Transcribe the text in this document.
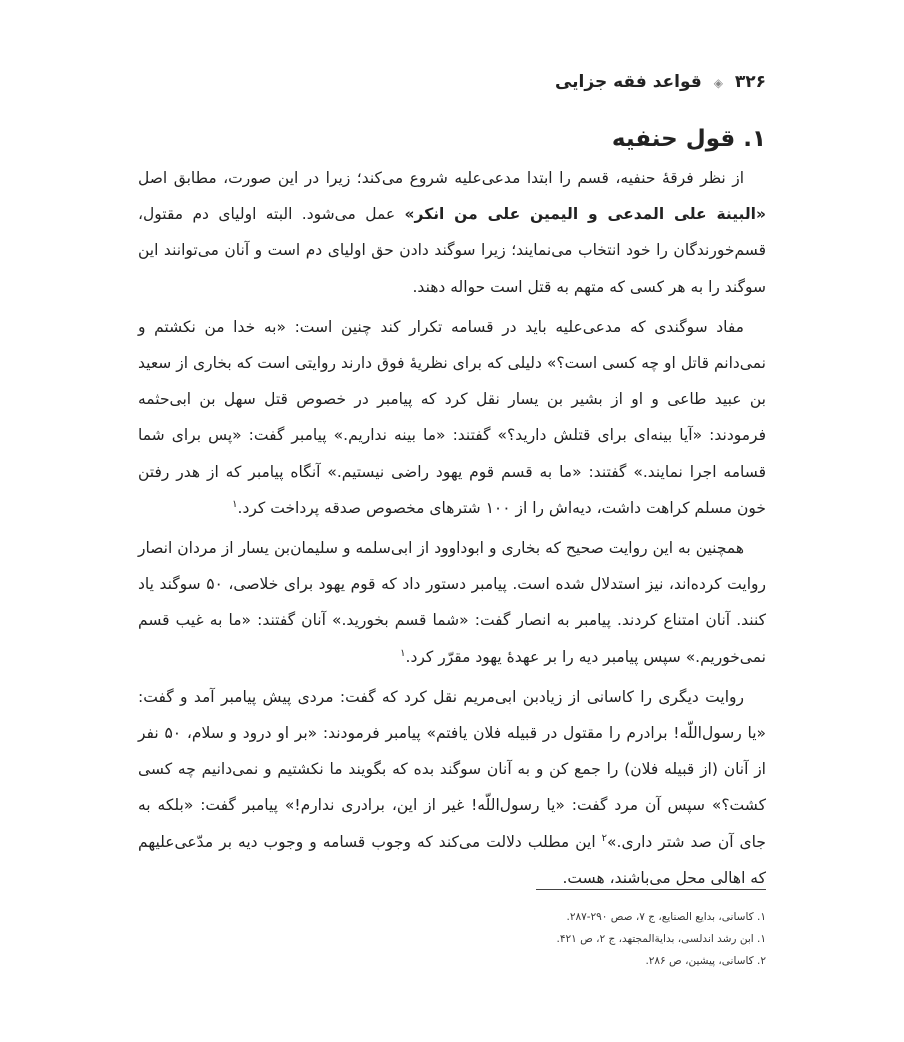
۳۲۶ ◈ قواعد فقه جزایی
۱. قول حنفیه

از نظر فرقهٔ حنفیه، قسم را ابتدا مدعی‌علیه شروع می‌کند؛ زیرا در این صورت، مطابق اصل «البینة علی المدعی و الیمین علی من انکر» عمل می‌شود. البته اولیای دم مقتول، قسم‌خورندگان را خود انتخاب می‌نمایند؛ زیرا سوگند دادن حق اولیای دم است و آنان می‌توانند این سوگند را به هر کسی که متهم به قتل است حواله دهند.

مفاد سوگندی که مدعی‌علیه باید در قسامه تکرار کند چنین است: «به خدا من نکشتم و نمی‌دانم قاتل او چه کسی است؟» دلیلی که برای نظریهٔ فوق دارند روایتی است که بخاری از سعید بن عبید طاعی و او از بشیر بن یسار نقل کرد که پیامبر در خصوص قتل سهل بن ابی‌حثمه فرمودند: «آیا بینه‌ای برای قتلش دارید؟» گفتند: «ما بینه نداریم.» پیامبر گفت: «پس برای شما قسامه اجرا نمایند.» گفتند: «ما به قسم قوم یهود راضی نیستیم.» آنگاه پیامبر که از هدر رفتن خون مسلم کراهت داشت، دیه‌اش را از ۱۰۰ شترهای مخصوص صدقه پرداخت کرد.$^۱$

همچنین به این روایت صحیح که بخاری و ابوداوود از ابی‌سلمه و سلیمان‌بن یسار از مردان انصار روایت کرده‌اند، نیز استدلال شده است. پیامبر دستور داد که قوم یهود برای خلاصی، ۵۰ سوگند یاد کنند. آنان امتناع کردند. پیامبر به انصار گفت: «شما قسم بخورید.» آنان گفتند: «ما به غیب قسم نمی‌خوریم.» سپس پیامبر دیه را بر عهدهٔ یهود مقرّر کرد.$^۱$

روایت دیگری را کاسانی از زیادبن ابی‌مریم نقل کرد که گفت: مردی پیش پیامبر آمد و گفت: «یا رسول‌اللّه! برادرم را مقتول در قبیله فلان یافتم» پیامبر فرمودند: «بر او درود و سلام، ۵۰ نفر از آنان (از قبیله فلان) را جمع کن و به آنان سوگند بده که بگویند ما نکشتیم و نمی‌دانیم چه کسی کشت؟» سپس آن مرد گفت: «یا رسول‌اللّه! غیر از این، برادری ندارم!» پیامبر گفت: «بلکه به جای آن صد شتر داری.»$^۲$ این مطلب دلالت می‌کند که وجوب قسامه و وجوب دیه بر مدّعی‌علیهم که اهالی محل می‌باشند، هست.

۱. کاسانی، بدایع الصنایع، ج ۷، صص ۲۹۰-۲۸۷.
۱. ابن رشد اندلسی، بدایة‌المجتهد، ج ۲، ص ۴۲۱.
۲. کاسانی، پیشین، ص ۲۸۶.
